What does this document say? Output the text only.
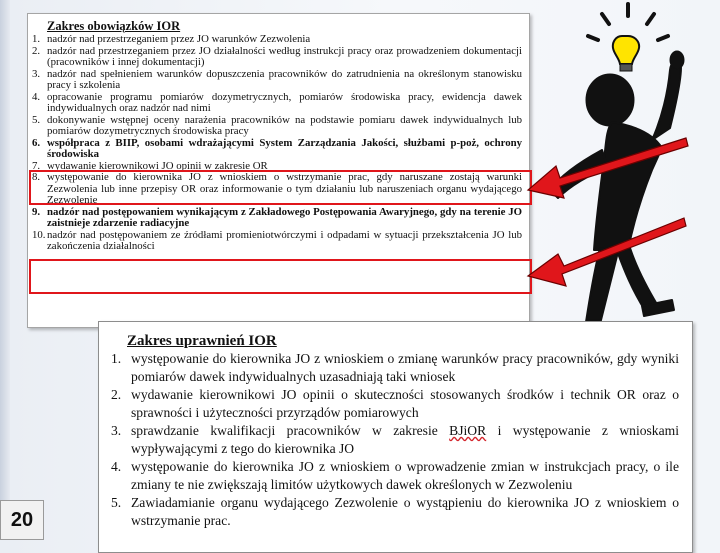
Zakres obowiązków IOR
1. nadzór nad przestrzeganiem przez JO warunków Zezwolenia
2. nadzór nad przestrzeganiem przez JO działalności według instrukcji pracy oraz prowadzeniem dokumentacji (pracowników i innej dokumentacji)
3. nadzór nad spełnieniem warunków dopuszczenia pracowników do zatrudnienia na określonym stanowisku pracy i szkolenia
4. opracowanie programu pomiarów dozymetrycznych, pomiarów środowiska pracy, ewidencja dawek indywidualnych oraz nadzór nad nimi
5. dokonywanie wstępnej oceny narażenia pracowników na podstawie pomiaru dawek indywidualnych lub pomiarów dozymetrycznych środowiska pracy
6. współpraca z BIIP, osobami wdrażającymi System Zarządzania Jakości, służbami p-poż, ochrony środowiska
7. wydawanie kierownikowi JO opinii w zakresie OR
8. występowanie do kierownika JO z wnioskiem o wstrzymanie prac, gdy naruszane zostają warunki Zezwolenia lub inne przepisy OR oraz informowanie o tym działaniu lub naruszeniach organu wydającego Zezwolenie
9. nadzór nad postępowaniem wynikającym z Zakładowego Postępowania Awaryjnego, gdy na terenie JO zaistnieje zdarzenie radiacyjne
10. nadzór nad postępowaniem ze źródłami promieniotwórczymi i odpadami w sytuacji przekształcenia JO lub zakończenia działalności
Zakres uprawnień IOR
1. występowanie do kierownika JO z wnioskiem o zmianę warunków pracy pracowników, gdy wyniki pomiarów dawek indywidualnych uzasadniają taki wniosek
2. wydawanie kierownikowi JO opinii o skuteczności stosowanych środków i technik OR oraz o sprawności i użyteczności przyrządów pomiarowych
3. sprawdzanie kwalifikacji pracowników w zakresie BJiOR i występowanie z wnioskami wypływającymi z tego do kierownika JO
4. występowanie do kierownika JO z wnioskiem o wprowadzenie zmian w instrukcjach pracy, o ile zmiany te nie zwiększają limitów użytkowych dawek określonych w Zezwoleniu
5. Zawiadamianie organu wydającego Zezwolenie o wystąpieniu do kierownika JO z wnioskiem o wstrzymanie prac.
20
